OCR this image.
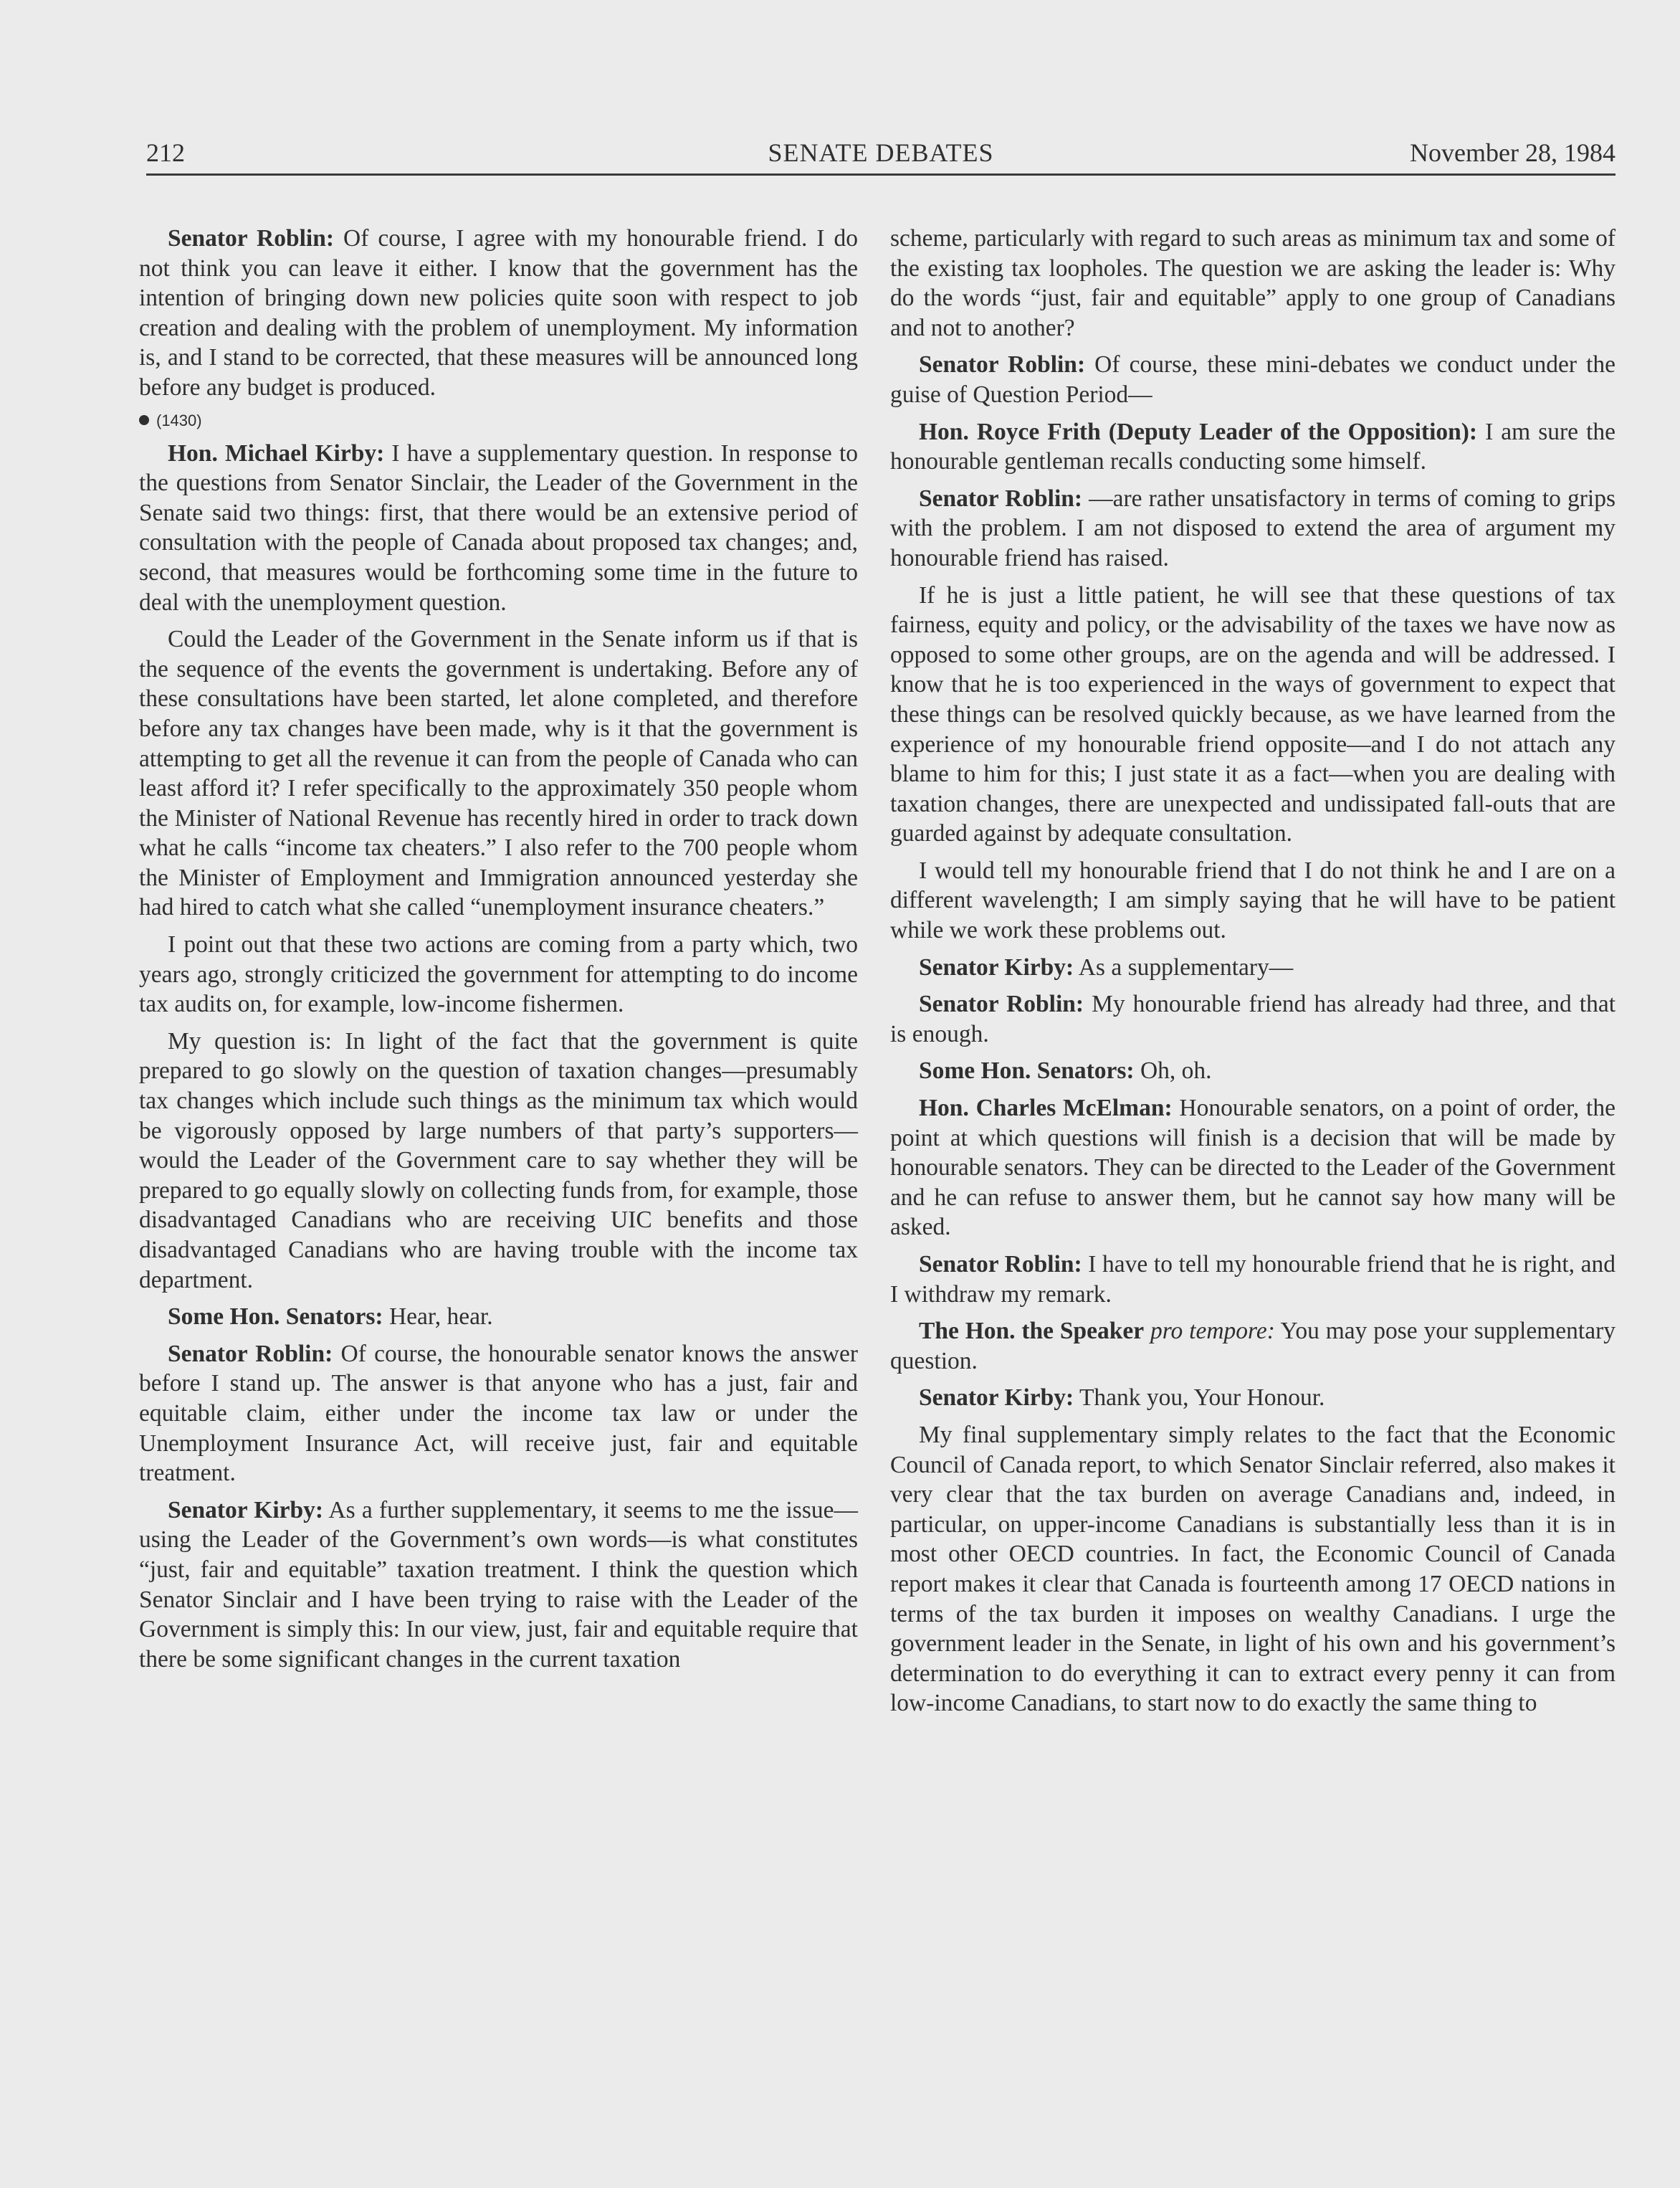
212	SENATE DEBATES	November 28, 1984

Senator Roblin: Of course, I agree with my honourable friend. I do not think you can leave it either. I know that the government has the intention of bringing down new policies quite soon with respect to job creation and dealing with the problem of unemployment. My information is, and I stand to be corrected, that these measures will be announced long before any budget is produced.

(1430)

Hon. Michael Kirby: I have a supplementary question. In response to the questions from Senator Sinclair, the Leader of the Government in the Senate said two things: first, that there would be an extensive period of consultation with the people of Canada about proposed tax changes; and, second, that measures would be forthcoming some time in the future to deal with the unemployment question.

Could the Leader of the Government in the Senate inform us if that is the sequence of the events the government is undertaking. Before any of these consultations have been started, let alone completed, and therefore before any tax changes have been made, why is it that the government is attempting to get all the revenue it can from the people of Canada who can least afford it? I refer specifically to the approximately 350 people whom the Minister of National Revenue has recently hired in order to track down what he calls “income tax cheaters.” I also refer to the 700 people whom the Minister of Employment and Immigration announced yesterday she had hired to catch what she called “unemployment insurance cheaters.”

I point out that these two actions are coming from a party which, two years ago, strongly criticized the government for attempting to do income tax audits on, for example, low-income fishermen.

My question is: In light of the fact that the government is quite prepared to go slowly on the question of taxation changes—presumably tax changes which include such things as the minimum tax which would be vigorously opposed by large numbers of that party’s supporters—would the Leader of the Government care to say whether they will be prepared to go equally slowly on collecting funds from, for example, those disadvantaged Canadians who are receiving UIC benefits and those disadvantaged Canadians who are having trouble with the income tax department.

Some Hon. Senators: Hear, hear.

Senator Roblin: Of course, the honourable senator knows the answer before I stand up. The answer is that anyone who has a just, fair and equitable claim, either under the income tax law or under the Unemployment Insurance Act, will receive just, fair and equitable treatment.

Senator Kirby: As a further supplementary, it seems to me the issue—using the Leader of the Government’s own words—is what constitutes “just, fair and equitable” taxation treatment. I think the question which Senator Sinclair and I have been trying to raise with the Leader of the Government is simply this: In our view, just, fair and equitable require that there be some significant changes in the current taxation

scheme, particularly with regard to such areas as minimum tax and some of the existing tax loopholes. The question we are asking the leader is: Why do the words “just, fair and equitable” apply to one group of Canadians and not to another?

Senator Roblin: Of course, these mini-debates we conduct under the guise of Question Period—

Hon. Royce Frith (Deputy Leader of the Opposition): I am sure the honourable gentleman recalls conducting some himself.

Senator Roblin: —are rather unsatisfactory in terms of coming to grips with the problem. I am not disposed to extend the area of argument my honourable friend has raised.

If he is just a little patient, he will see that these questions of tax fairness, equity and policy, or the advisability of the taxes we have now as opposed to some other groups, are on the agenda and will be addressed. I know that he is too experienced in the ways of government to expect that these things can be resolved quickly because, as we have learned from the experience of my honourable friend opposite—and I do not attach any blame to him for this; I just state it as a fact—when you are dealing with taxation changes, there are unexpected and undissipated fall-outs that are guarded against by adequate consultation.

I would tell my honourable friend that I do not think he and I are on a different wavelength; I am simply saying that he will have to be patient while we work these problems out.

Senator Kirby: As a supplementary—

Senator Roblin: My honourable friend has already had three, and that is enough.

Some Hon. Senators: Oh, oh.

Hon. Charles McElman: Honourable senators, on a point of order, the point at which questions will finish is a decision that will be made by honourable senators. They can be directed to the Leader of the Government and he can refuse to answer them, but he cannot say how many will be asked.

Senator Roblin: I have to tell my honourable friend that he is right, and I withdraw my remark.

The Hon. the Speaker pro tempore: You may pose your supplementary question.

Senator Kirby: Thank you, Your Honour.

My final supplementary simply relates to the fact that the Economic Council of Canada report, to which Senator Sinclair referred, also makes it very clear that the tax burden on average Canadians and, indeed, in particular, on upper-income Canadians is substantially less than it is in most other OECD countries. In fact, the Economic Council of Canada report makes it clear that Canada is fourteenth among 17 OECD nations in terms of the tax burden it imposes on wealthy Canadians. I urge the government leader in the Senate, in light of his own and his government’s determination to do everything it can to extract every penny it can from low-income Canadians, to start now to do exactly the same thing to
